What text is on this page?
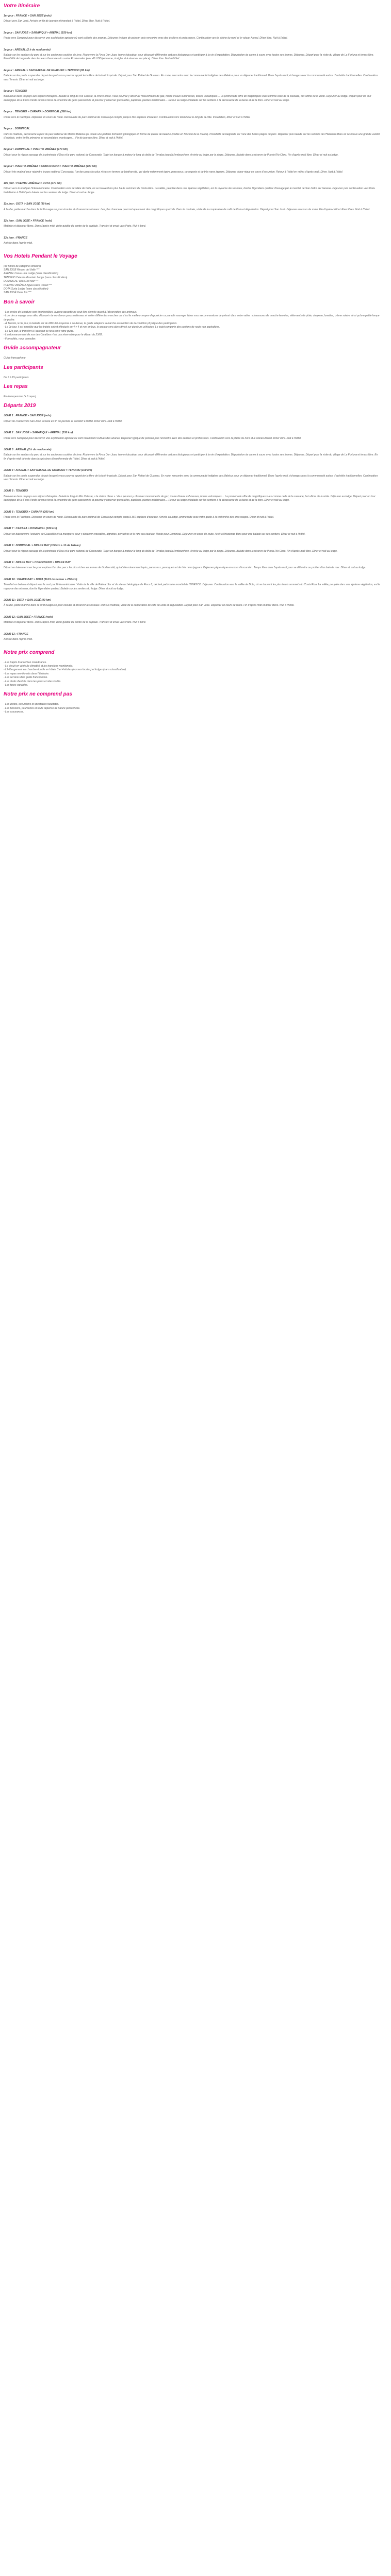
Votre itinéraire

1er jour : FRANCE > SAN JOSÉ (vols)

Départ vers San José. Arrivée en fin de journée et transfert à l'hôtel. Dîner libre. Nuit à l'hôtel.

2e jour : SAN JOSÉ > SARAPIQUÍ > ARENAL (150 km)

Route vers Sarapiquí pour découvrir une exploitation agricole où sont cultivés des ananas. Déjeuner typique de poisson puis rencontre avec des écoliers et professeurs. Continuation vers la plaine du nord et le volcan Arenal. Dîner libre. Nuit à l'hôtel.

3e jour : ARENAL (2 h de randonnée)

Balade sur les sentiers du parc et sur les anciennes coulées de lave. Route vers la Finca Don Juan, ferme éducative, pour découvrir différentes cultures biologiques et participer à la vie d'exploitation. Dégustation de canne à sucre avec toutes ses formes. Déjeuner. Départ pour la visite du village de La Fortuna et temps libre. Possibilité de baignade dans les eaux thermales du centre Ecotermales (env. 45 USD/personne, à régler et à réserver sur place). Dîner libre. Nuit à l'hôtel.

4e jour : ARENAL > SAN RAFAEL DE GUATUSO > TENORIO (95 km)

Balade sur les ponts suspendus depuis lesquels vous pourrez apprécier la flore de la forêt tropicale. Départ pour San Rafael de Guatuso. En route, rencontre avec la communauté indigène des Malekus pour un déjeuner traditionnel. Dans l'après-midi, échanges avec la communauté autour d'activités traditionnelles. Continuation vers Tenorio. Dîner et nuit au lodge.

5e jour : TENORIO

Bienvenue dans un pays aux séjours thérapies. Balade le long du Río Celeste, la rivière bleue. Vous pourrez y observer mouvements de gaz, marre d'eaux sulfureuses, boues volcaniques… La promenade offre de magnifiques vues comme celle de la cascade, but ultime de la visite. Déjeuner au lodge. Départ pour un tour écologique de la Finca Verde où vous ferez la rencontre de gens passionnés et pourrez y observer grenouilles, papillons, plantes médicinales… Retour au lodge et balade sur les sentiers à la découverte de la faune et de la flore. Dîner et nuit au lodge.

6e jour : TENORIO > CARARA > DOMINICAL (380 km)

Route vers le Pacifique. Déjeuner en cours de route. Découverte du parc national de Carara qui compte jusqu'à 360 espèces d'oiseaux. Continuation vers Dominical le long de la côte. Installation, dîner et nuit à l'hôtel.

7e jour : DOMINICAL

Dans la matinée, découverte à pied du parc national de Marino Ballena qui recèle une parfaite formation géologique en forme de queue de baleine (visible en fonction de la marée). Possibilité de baignade sur l'une des belles plages du parc. Déjeuner puis balade sur les sentiers de l'Hacienda Baru où se trouve une grande variété d'habitats, entre forêts primaires et secondaires, marécages… Fin de journée libre. Dîner et nuit à l'hôtel.

8e jour : DOMINICAL > PUERTO JIMÉNEZ (170 km)

Départ pour la région sauvage de la péninsule d'Osa et le parc national de Corcovado. Trajet en barque à moteur le long du delta de Terraba jusqu'à l'embouchure. Arrivée au lodge par la plage. Déjeuner. Balade dans la réserve de Puerto Río Claro. Fin d'après-midi libre. Dîner et nuit au lodge.

9e jour : PUERTO JIMÉNEZ > CORCOVADO > PUERTO JIMÉNEZ (100 km)

Départ très matinal pour rejoindre le parc national Corcovado, l'un des parcs les plus riches en termes de biodiversité, qui abrite notamment tapirs, paresseux, perroquets et de très rares jaguars. Déjeuner pique-nique en cours d'excursion. Retour à l'hôtel en milieu d'après-midi. Dîner. Nuit à l'hôtel.

10e jour : PUERTO JIMÉNEZ > DOTA (270 km)

Départ vers le nord par l'Interamericaine. Continuation vers la vallée de Dota, où se trouvent les plus hauts sommets du Costa Rica. La vallée, peuplée dans une épaisse végétation, est le royaume des oiseaux, dont le légendaire quetzal. Passage par le marché de San Isidro del General. Déjeuner puis continuation vers Dota. Installation à l'hôtel puis balade sur les sentiers du lodge. Dîner et nuit au lodge.

11e jour : DOTA > SAN JOSÉ (90 km)

À l'aube, petite marche dans la forêt nuageuse pour écouter et observer les oiseaux. Les plus chanceux pourront apercevoir des magnifiques quetzals. Dans la matinée, visite de la coopérative de café de Dota et dégustation. Départ pour San José. Déjeuner en cours de route. Fin d'après-midi et dîner libres. Nuit à l'hôtel.

12e jour : SAN JOSÉ > FRANCE (vols)

Matinée et déjeuner libres. Dans l'après-midi, visite guidée du centre de la capitale. Transfert et envol vers Paris. Nuit à bord.

13e jour : FRANCE

Arrivée dans l'après-midi.

Vos Hotels Pendant le Voyage

(ou hôtels de catégorie similaire)

SAN JOSÉ Rincon del Valle ***
ARENAL Casa Luna Lodge (sans classification)
TENORIO Celeste Mountain Lodge (sans classification)
DOMINICAL Villas Río Mar ***
PUERTO JIMÉNEZ Agua Dulce Resort ***
DOTA Suria Lodge (sans classification)
SAN JOSÉ Dune Inn ***
Bon à savoir
- Les cycles de la nature sont imprévisibles, aucune garantie ne peut être donnée quant à l'observation des animaux.
- Lors de ce voyage vous allez découvrir de nombreux parcs nationaux et visiter différentes marches car c'est le meilleur moyen d'apprécier ce paradis sauvage. Nous vous recommandons de prévoir dans votre valise : chaussures de marche fermées, vêtements de pluie, chapeau, lunettes, crème solaire ainsi qu'une petite lampe de poche.
- À Tenorio, le 5e jour, la balade est de difficulté moyenne à soutenue, le guide adaptera la marche en fonction de la condition physique des participants.
- Le 9e jour, il est possible que les trajets soient effectués en 4 × 4 et non en bus, le groupe sera alors divisé sur plusieurs véhicules. Le trajet comporte des portions de route non asphaltées.
- Le 12e jour, le transfert à l'aéroport se fera sans votre guide.
- L'ordonnancement de nos des Caraïbes n'est pas réservable pour le départ du 23/02.
- Formalités, nous consulter.
Guide accompagnateur

Guide francophone

Les participants

De 6 à 15 participants

Les repas

En demi-pension (+ 6 repas)

Départs 2019

JOUR 1 : FRANCE > SAN JOSÉ (vols)

Départ de France vers San José. Arrivée en fin de journée et transfert à l'hôtel. Dîner libre. Nuit à l'hôtel.

JOUR 2 : SAN JOSÉ > SARAPIQUÍ > ARENAL (150 km)

Route vers Sarapiquí pour découvrir une exploitation agricole où sont notamment cultivés des ananas. Déjeuner typique de poisson puis rencontre avec des écoliers et professeurs. Continuation vers la plaine du nord et le volcan Arenal. Dîner libre. Nuit à l'hôtel.

JOUR 3 : ARENAL (2 h de randonnée)

Balade sur les sentiers du parc et sur les anciennes coulées de lave. Route vers la Finca Don Juan, ferme éducative, pour découvrir différentes cultures biologiques et participer à la vie d'exploitation. Dégustation de canne à sucre avec toutes ses formes. Déjeuner. Départ pour la visite du village de La Fortuna et temps libre. En fin d'après-midi détente dans les piscines d'eau thermale de l'hôtel. Dîner et nuit à l'hôtel.

JOUR 4 : ARENAL > SAN RAFAEL DE GUATUSO > TENORIO (100 km)

Balade sur les ponts suspendus depuis lesquels vous pourrez apprécier la flore de la forêt tropicale. Départ pour San Rafael de Guatuso. En route, rencontre avec la communauté indigène des Malekus pour un déjeuner traditionnel. Dans l'après-midi, échanges avec la communauté autour d'activités traditionnelles. Continuation vers Tenorio. Dîner et nuit au lodge.

JOUR 5 : TENORIO

Bienvenue dans un pays aux séjours thérapies. Balade le long du Río Celeste, « la rivière bleue ». Vous pourrez y observer mouvements de gaz, marre d'eaux sulfureuses, boues volcaniques… La promenade offre de magnifiques vues comme celle de la cascade, but ultime de la visite. Déjeuner au lodge. Départ pour un tour écologique de la Finca Verde où vous ferez la rencontre de gens passionnés et pourrez y observer grenouilles, papillons, plantes médicinales… Retour au lodge et balade sur les sentiers à la découverte de la faune et de la flore. Dîner et nuit au lodge.

JOUR 6 : TENORIO > CARARA (200 km)

Route vers le Pacifique. Déjeuner en cours de route. Découverte du parc national de Carara qui compte jusqu'à 360 espèces d'oiseaux. Arrivée au lodge, promenade avec votre guide à la recherche des aras rouges. Dîner et nuit à l'hôtel.

JOUR 7 : CARARA > DOMINICAL (180 km)

Départ en bateau vers l'estuaire de Guacalillo et sa mangrove pour y observer crocodiles, aigrettes, perruches et le rare ara écarlate. Route pour Dominical. Déjeuner en cours de route. Arrêt à l'Hacienda Baru pour une balade sur ses sentiers. Dîner et nuit à l'hôtel.

JOUR 8 : DOMINICAL > DRAKE BAY (100 km + 1h de bateau)

Départ pour la région sauvage de la péninsule d'Osa et le parc national de Corcovado. Trajet en barque à moteur le long du delta de Terraba jusqu'à l'embouchure. Arrivée au lodge par la plage. Déjeuner. Balade dans la réserve de Punta Río Claro. Fin d'après-midi libre. Dîner et nuit au lodge.

JOUR 9 : DRAKE BAY > CORCOVADO > DRAKE BAY

Départ en bateau et marche pour explorer l'un des parcs les plus riches en termes de biodiversité, qui abrite notamment tapirs, paresseux, perroquets et de très rares jaguars. Déjeuner pique-nique en cours d'excursion. Temps libre dans l'après-midi pour se détendre ou profiter d'un bain de mer. Dîner et nuit au lodge.

JOUR 10 : DRAKE BAY > DOTA (1h15 de bateau + 250 km)

Transfert en bateau et départ vers le nord par l'Interaméricaine. Visite de la ville de Palmar Sur et du site archéologique de Finca 6, déclaré patrimoine mondial de l'UNESCO. Déjeuner. Continuation vers la vallée de Dota, où se trouvent les plus hauts sommets du Costa Rica. La vallée, peuplée dans une épaisse végétation, est le royaume des oiseaux, dont le légendaire quetzal. Balade sur les sentiers du lodge. Dîner et nuit au lodge.

JOUR 11 : DOTA > SAN JOSÉ (90 km)

À l'aube, petite marche dans la forêt nuageuse pour écouter et observer les oiseaux. Dans la matinée, visite de la coopérative de café de Dota et dégustation. Départ pour San José. Déjeuner en cours de route. Fin d'après-midi et dîner libres. Nuit à l'hôtel.

JOUR 12 : SAN JOSÉ > FRANCE (vols)

Matinée et déjeuner libres. Dans l'après-midi, visite guidée du centre de la capitale. Transfert et envol vers Paris. Nuit à bord.

JOUR 13 : FRANCE

Arrivée dans l'après-midi.

Notre prix comprend
- Les trajets France/San José/France.
- Le circuit en véhicule climatisé et les transferts mentionnés.
- L'hébergement en chambre double en hôtels 3 et 4 étoiles (normes locales) et lodges (sans classification).
- Les repas mentionnés dans l'itinéraire.
- Les services d'un guide francophone.
- Les droits d'entrée dans les parcs et sites visités.
- Les taxes variables.
Notre prix ne comprend pas
- Les visites, excursions et spectacles facultatifs.
- Les boissons, pourboires et toute dépense de nature personnelle.
- Les assurances.
